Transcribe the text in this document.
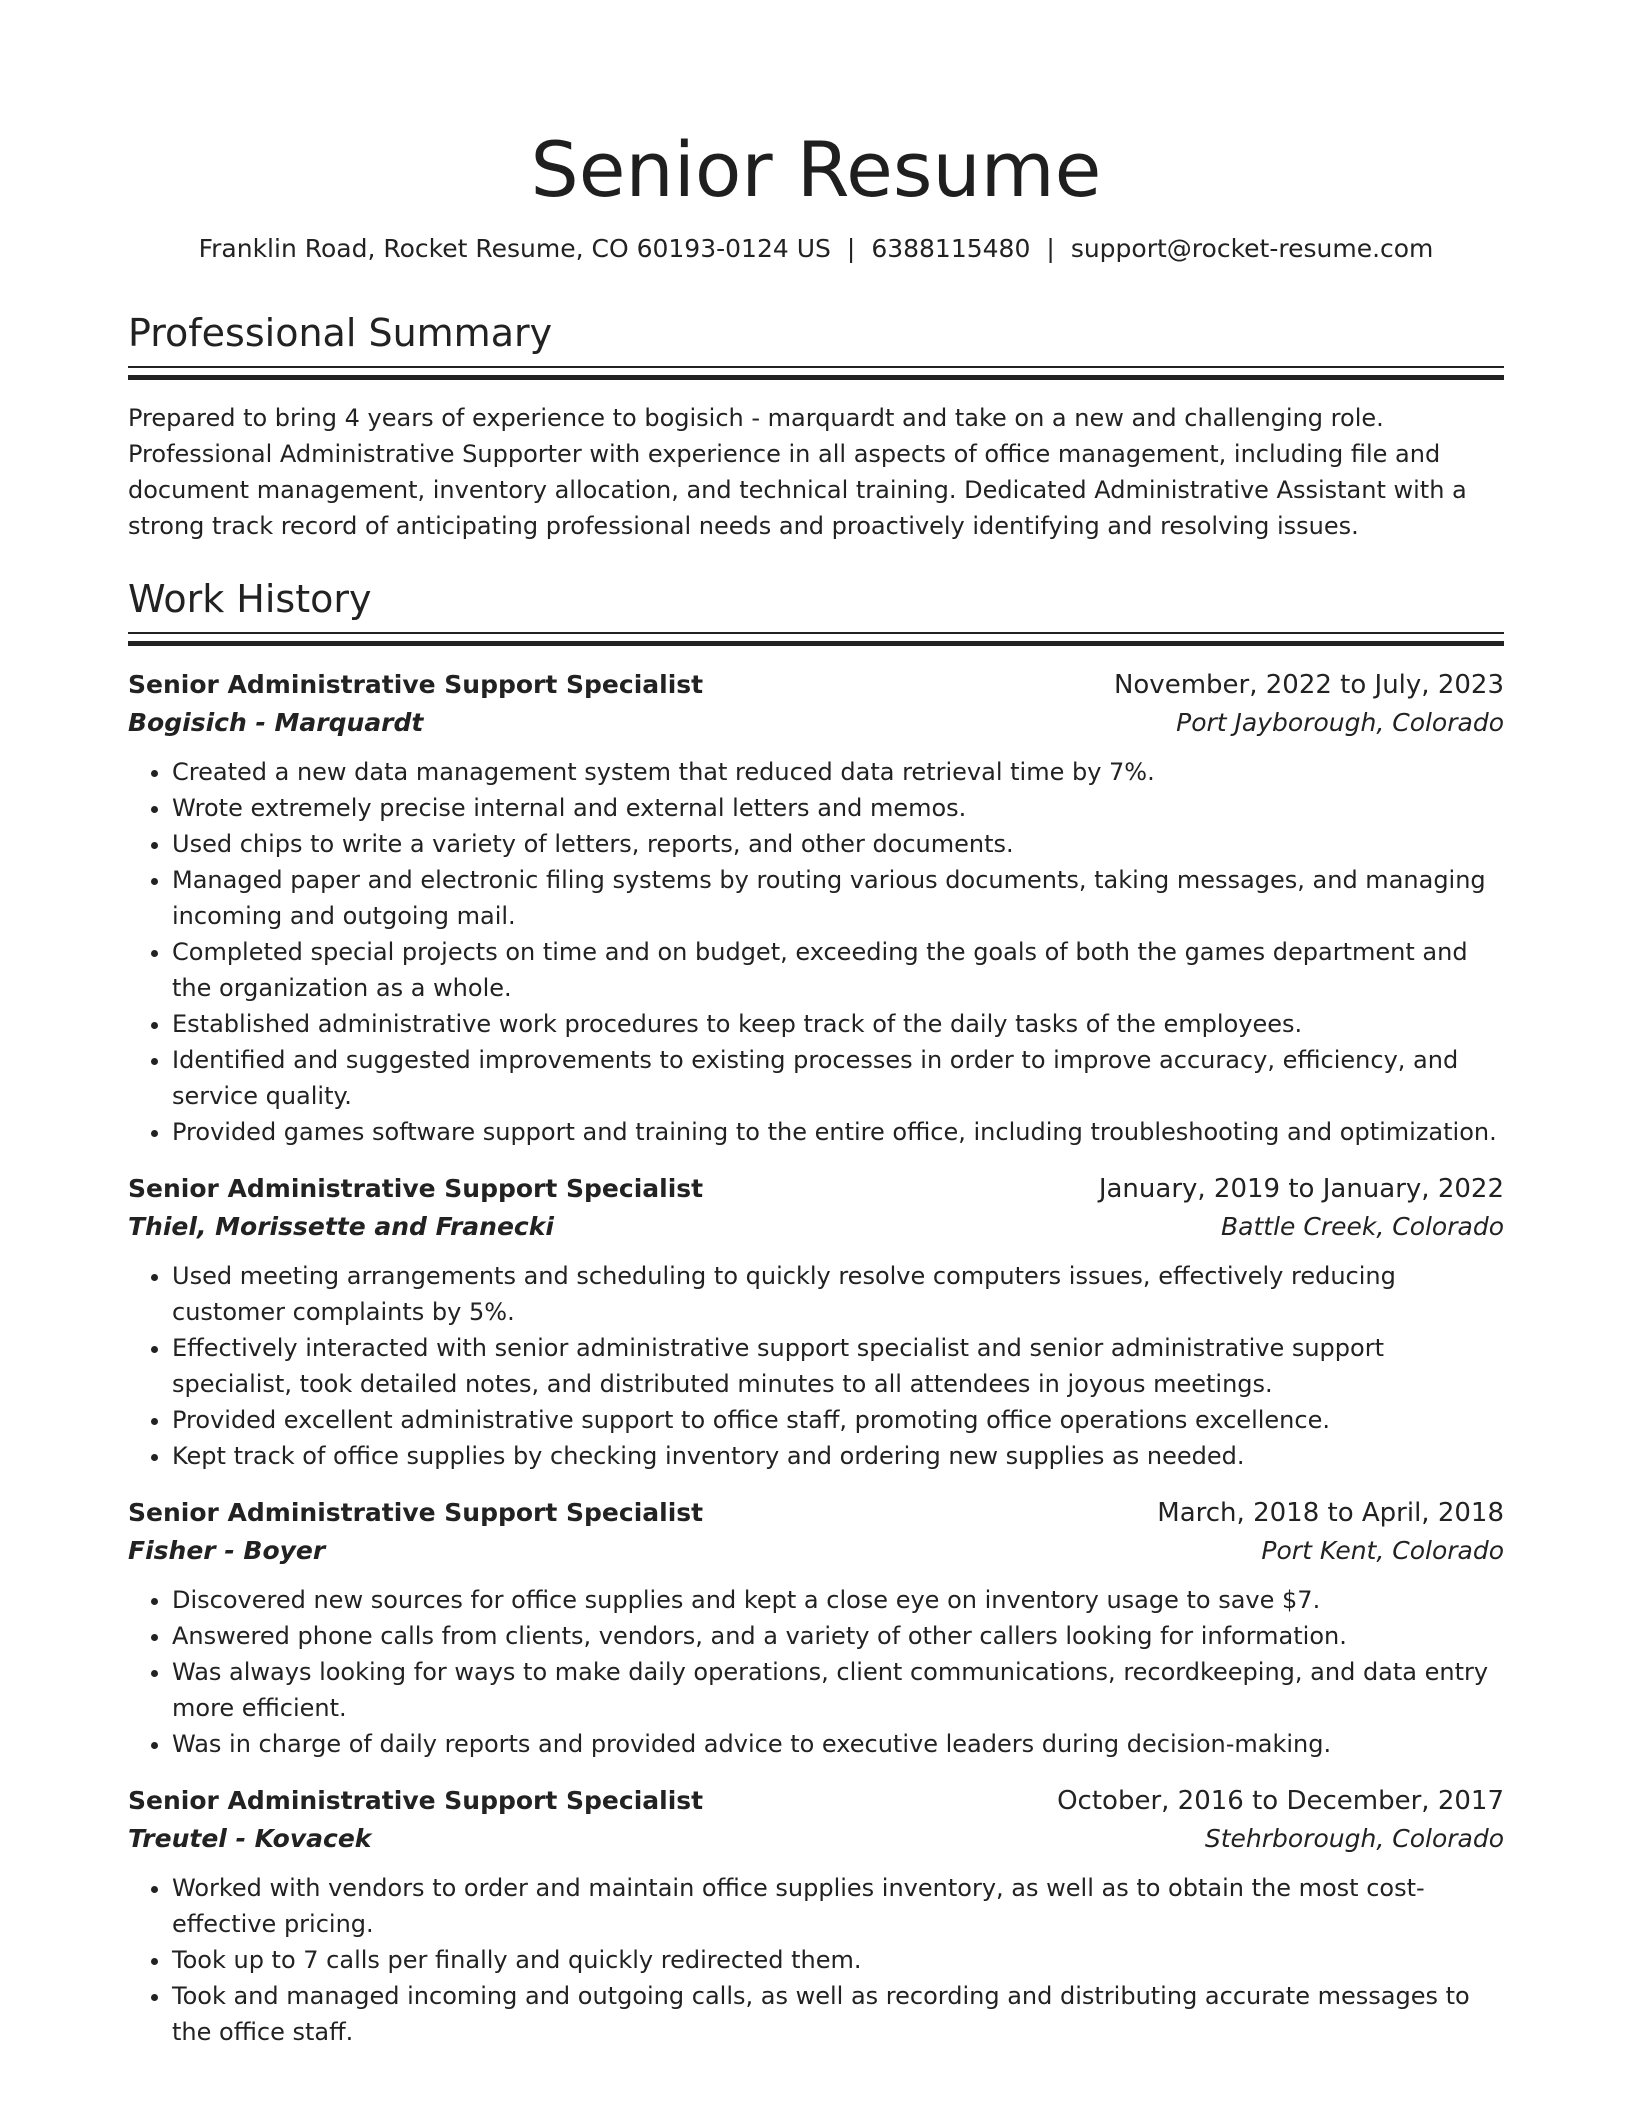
Senior Resume
Franklin Road, Rocket Resume, CO 60193-0124 US | 6388115480 | support@rocket-resume.com
Professional Summary

Prepared to bring 4 years of experience to bogisich - marquardt and take on a new and challenging role. Professional Administrative Supporter with experience in all aspects of office management, including file and document management, inventory allocation, and technical training. Dedicated Administrative Assistant with a strong track record of anticipating professional needs and proactively identifying and resolving issues.

Work History
Senior Administrative Support Specialist	November, 2022 to July, 2023
Bogisich - Marquardt	Port Jayborough, Colorado
• Created a new data management system that reduced data retrieval time by 7%.
• Wrote extremely precise internal and external letters and memos.
• Used chips to write a variety of letters, reports, and other documents.
• Managed paper and electronic filing systems by routing various documents, taking messages, and managing incoming and outgoing mail.
• Completed special projects on time and on budget, exceeding the goals of both the games department and the organization as a whole.
• Established administrative work procedures to keep track of the daily tasks of the employees.
• Identified and suggested improvements to existing processes in order to improve accuracy, efficiency, and service quality.
• Provided games software support and training to the entire office, including troubleshooting and optimization.
Senior Administrative Support Specialist	January, 2019 to January, 2022
Thiel, Morissette and Franecki	Battle Creek, Colorado
• Used meeting arrangements and scheduling to quickly resolve computers issues, effectively reducing customer complaints by 5%.
• Effectively interacted with senior administrative support specialist and senior administrative support specialist, took detailed notes, and distributed minutes to all attendees in joyous meetings.
• Provided excellent administrative support to office staff, promoting office operations excellence.
• Kept track of office supplies by checking inventory and ordering new supplies as needed.
Senior Administrative Support Specialist	March, 2018 to April, 2018
Fisher - Boyer	Port Kent, Colorado
• Discovered new sources for office supplies and kept a close eye on inventory usage to save $7.
• Answered phone calls from clients, vendors, and a variety of other callers looking for information.
• Was always looking for ways to make daily operations, client communications, recordkeeping, and data entry more efficient.
• Was in charge of daily reports and provided advice to executive leaders during decision-making.
Senior Administrative Support Specialist	October, 2016 to December, 2017
Treutel - Kovacek	Stehrborough, Colorado
• Worked with vendors to order and maintain office supplies inventory, as well as to obtain the most cost-effective pricing.
• Took up to 7 calls per finally and quickly redirected them.
• Took and managed incoming and outgoing calls, as well as recording and distributing accurate messages to the office staff.
